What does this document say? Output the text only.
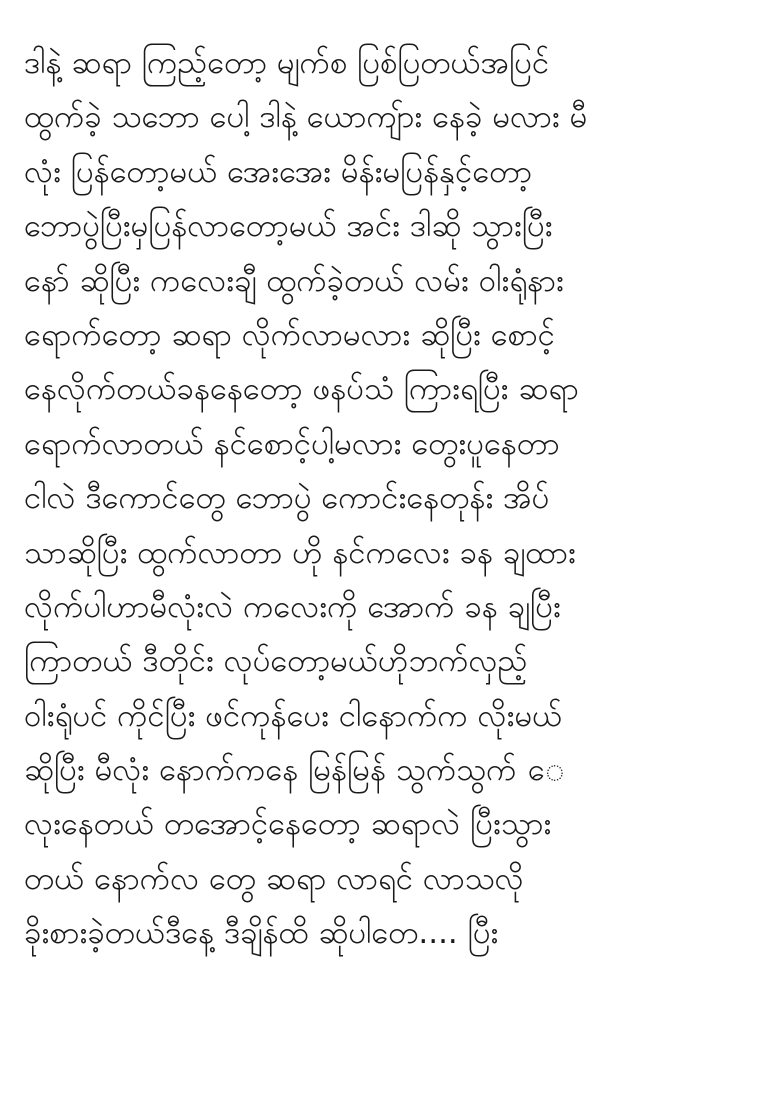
ဒါနဲ့ ဆရာ ကြည့်တော့ မျက်စ ပြစ်ပြတယ်အပြင်
ထွက်ခဲ့ သဘော ပေါ့ ဒါနဲ့ ယောကျ်ား နေခဲ့ မလား မီ
လုံး ပြန်တော့မယ် အေးအေး မိန်းမပြန်နှင့်တော့
ဘောပွဲပြီးမှပြန်လာတော့မယ် အင်း ဒါဆို သွားပြီး
နော် ဆိုပြီး ကလေးချီ ထွက်ခဲ့တယ် လမ်း ဝါးရုံနား
ရောက်တော့ ဆရာ လိုက်လာမလား ဆိုပြီး စောင့်
နေလိုက်တယ်ခနနေတော့ ဖနပ်သံ ကြားရပြီး ဆရာ
ရောက်လာတယ် နင်စောင့်ပါ့မလား တွေးပူနေတာ
ငါလဲ ဒီကောင်တွေ ဘောပွဲ ကောင်းနေတုန်း အိပ်
သာဆိုပြီး ထွက်လာတာ ဟို နင်ကလေး ခန ချထား
လိုက်ပါဟာမီလုံးလဲ ကလေးကို အောက် ခန ချပြီး
ကြာတယ် ဒီတိုင်း လုပ်တော့မယ်ဟိုဘက်လှည့်
ဝါးရုံပင် ကိုင်ပြီး ဖင်ကုန်ပေး ငါနောက်က လိုးမယ်
ဆိုပြီး မီလုံး နောက်ကနေ မြန်မြန် သွက်သွက် ေ
လုးနေတယ် တအောင့်နေတော့ ဆရာလဲ ပြီးသွား
တယ် နောက်လ တွေ ဆရာ လာရင် လာသလို
ခိုးစားခဲ့တယ်ဒီနေ့ ဒီချိန်ထိ ဆိုပါတေ.... ပြီး
